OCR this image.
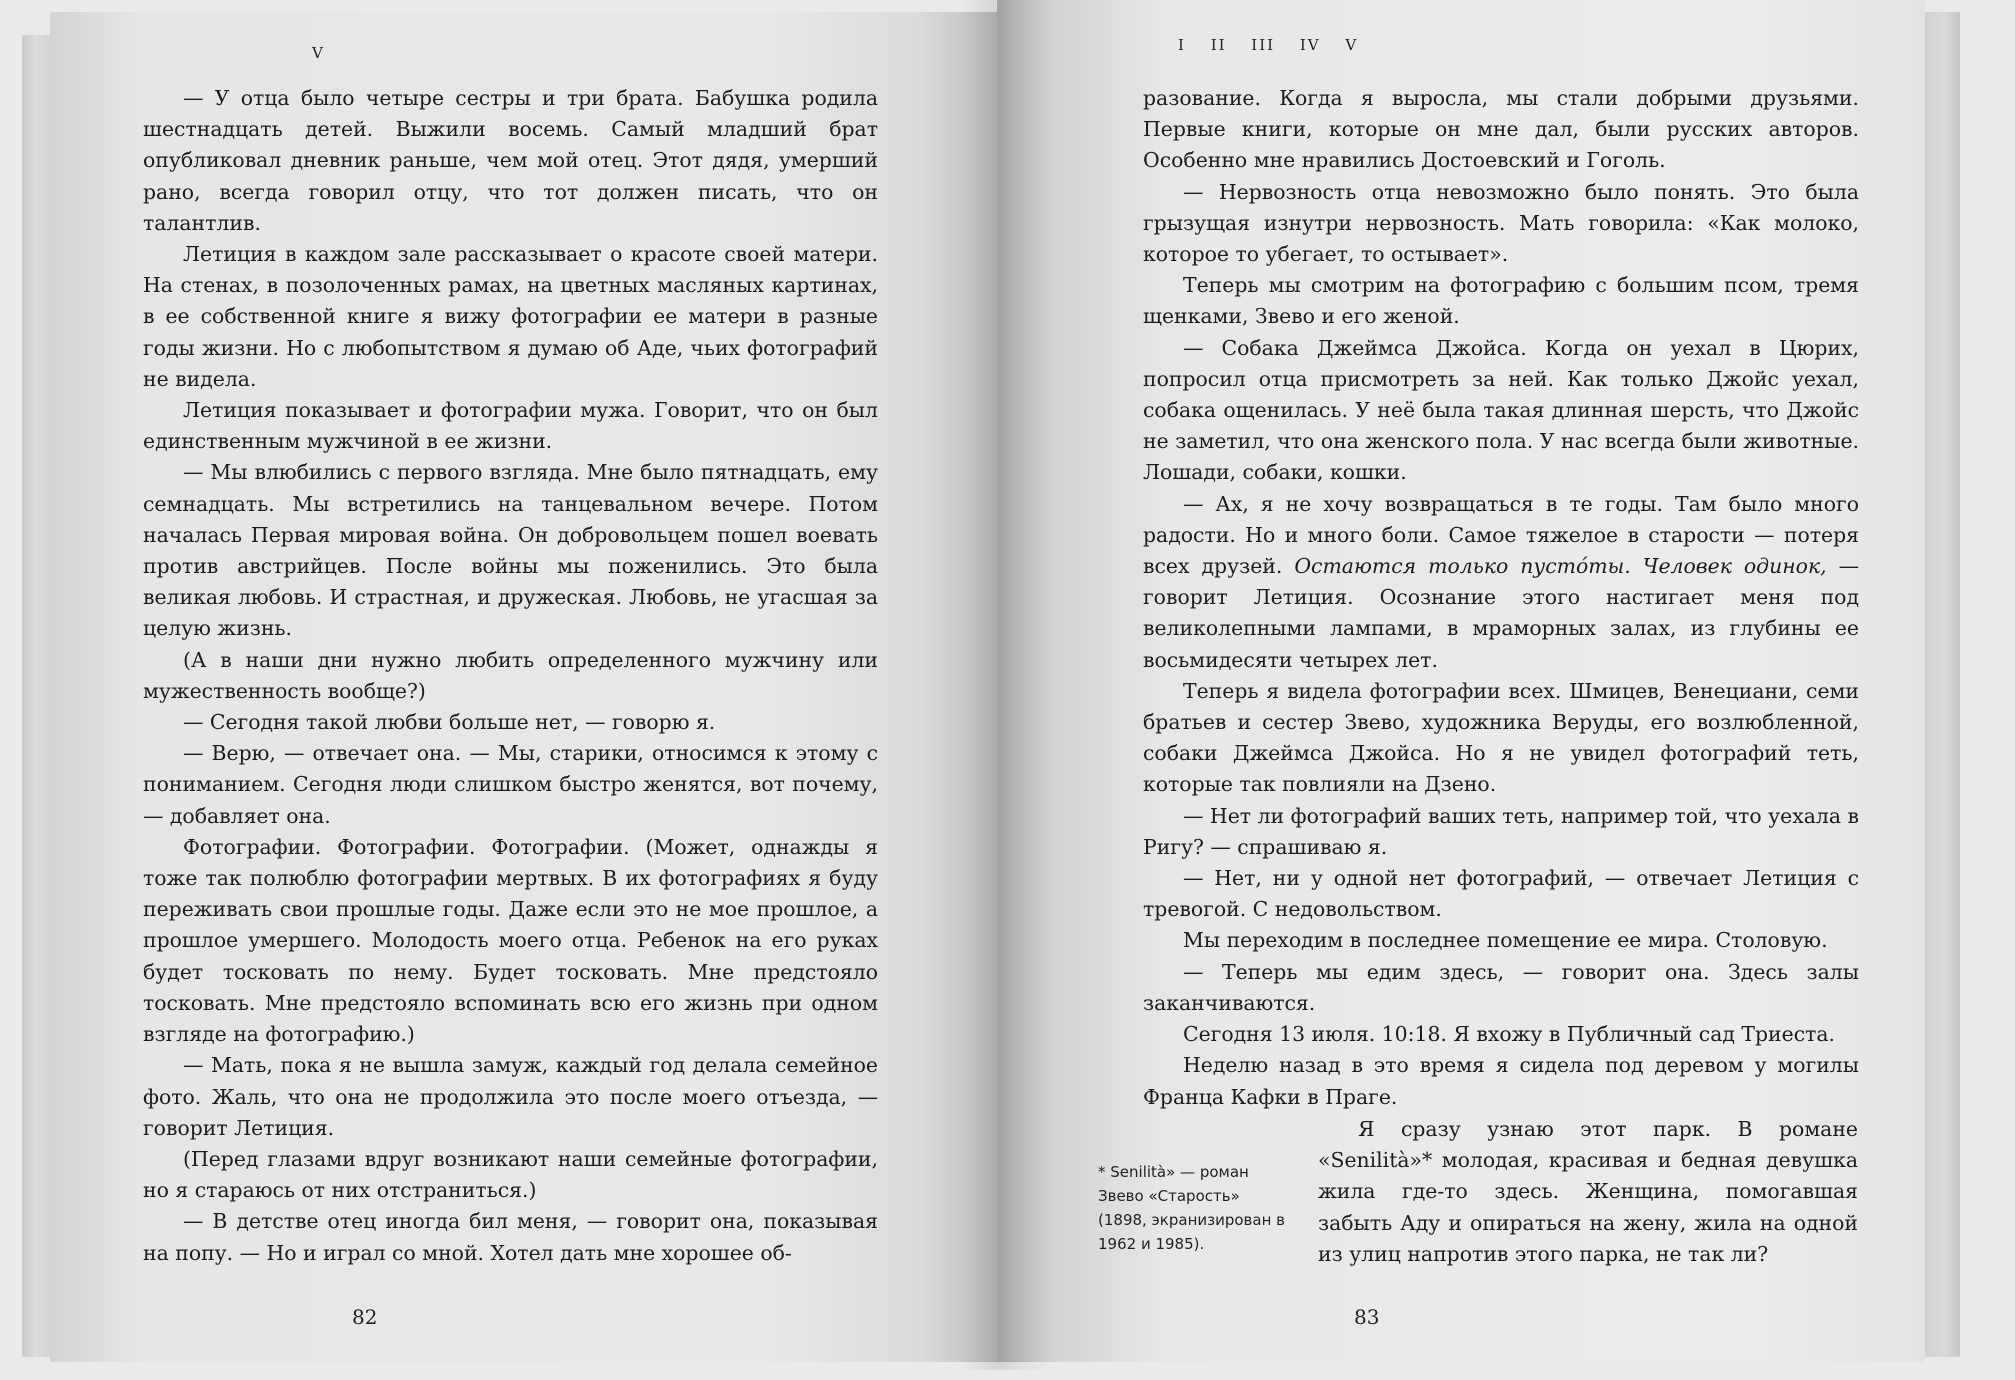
V	I II III IV V

— У отца было четыре сестры и три брата. Бабушка родила шестнадцать детей. Выжили восемь. Самый младший брат опубликовал дневник раньше, чем мой отец. Этот дядя, умерший рано, всегда говорил отцу, что тот должен писать, что он талантлив.

Летиция в каждом зале рассказывает о красоте своей матери. На стенах, в позолоченных рамах, на цветных масляных картинах, в ее собственной книге я вижу фотографии ее матери в разные годы жизни. Но с любопытством я думаю об Аде, чьих фотографий не видела.

Летиция показывает и фотографии мужа. Говорит, что он был единственным мужчиной в ее жизни.

— Мы влюбились с первого взгляда. Мне было пятнадцать, ему семнадцать. Мы встретились на танцевальном вечере. Потом началась Первая мировая война. Он добровольцем пошел воевать против австрийцев. После войны мы поженились. Это была великая любовь. И страстная, и дружеская. Любовь, не угасшая за целую жизнь.

(А в наши дни нужно любить определенного мужчину или мужественность вообще?)

— Сегодня такой любви больше нет, — говорю я.

— Верю, — отвечает она. — Мы, старики, относимся к этому с пониманием. Сегодня люди слишком быстро женятся, вот почему, — добавляет она.

Фотографии. Фотографии. Фотографии. (Может, однажды я тоже так полюблю фотографии мертвых. В их фотографиях я буду переживать свои прошлые годы. Даже если это не мое прошлое, а прошлое умершего. Молодость моего отца. Ребенок на его руках будет тосковать по нему. Будет тосковать. Мне предстояло тосковать. Мне предстояло вспоминать всю его жизнь при одном взгляде на фотографию.)

— Мать, пока я не вышла замуж, каждый год делала семейное фото. Жаль, что она не продолжила это после моего отъезда, — говорит Летиция.

(Перед глазами вдруг возникают наши семейные фотографии, но я стараюсь от них отстраниться.)

— В детстве отец иногда бил меня, — говорит она, показывая на попу. — Но и играл со мной. Хотел дать мне хорошее об-

разование. Когда я выросла, мы стали добрыми друзьями. Первые книги, которые он мне дал, были русских авторов. Особенно мне нравились Достоевский и Гоголь.

— Нервозность отца невозможно было понять. Это была грызущая изнутри нервозность. Мать говорила: «Как молоко, которое то убегает, то остывает».

Теперь мы смотрим на фотографию с большим псом, тремя щенками, Звево и его женой.

— Собака Джеймса Джойса. Когда он уехал в Цюрих, попросил отца присмотреть за ней. Как только Джойс уехал, собака ощенилась. У неё была такая длинная шерсть, что Джойс не заметил, что она женского пола. У нас всегда были животные. Лошади, собаки, кошки.

— Ах, я не хочу возвращаться в те годы. Там было много радости. Но и много боли. Самое тяжелое в старости — потеря всех друзей. Остаются только пустóты. Человек одинок, — говорит Летиция. Осознание этого настигает меня под великолепными лампами, в мраморных залах, из глубины ее восьмидесяти четырех лет.

Теперь я видела фотографии всех. Шмицев, Венециани, семи братьев и сестер Звево, художника Веруды, его возлюбленной, собаки Джеймса Джойса. Но я не увидел фотографий теть, которые так повлияли на Дзено.

— Нет ли фотографий ваших теть, например той, что уехала в Ригу? — спрашиваю я.

— Нет, ни у одной нет фотографий, — отвечает Летиция с тревогой. С недовольством.

Мы переходим в последнее помещение ее мира. Столовую.

— Теперь мы едим здесь, — говорит она. Здесь залы заканчиваются.

Сегодня 13 июля. 10:18. Я вхожу в Публичный сад Триеста.

Неделю назад в это время я сидела под деревом у могилы Франца Кафки в Праге.

* Senilità» — роман Звево «Старость» (1898, экранизирован в 1962 и 1985).

Я сразу узнаю этот парк. В романе «Senilità»* молодая, красивая и бедная девушка жила где-то здесь. Женщина, помогавшая забыть Аду и опираться на жену, жила на одной из улиц напротив этого парка, не так ли?

82	83
